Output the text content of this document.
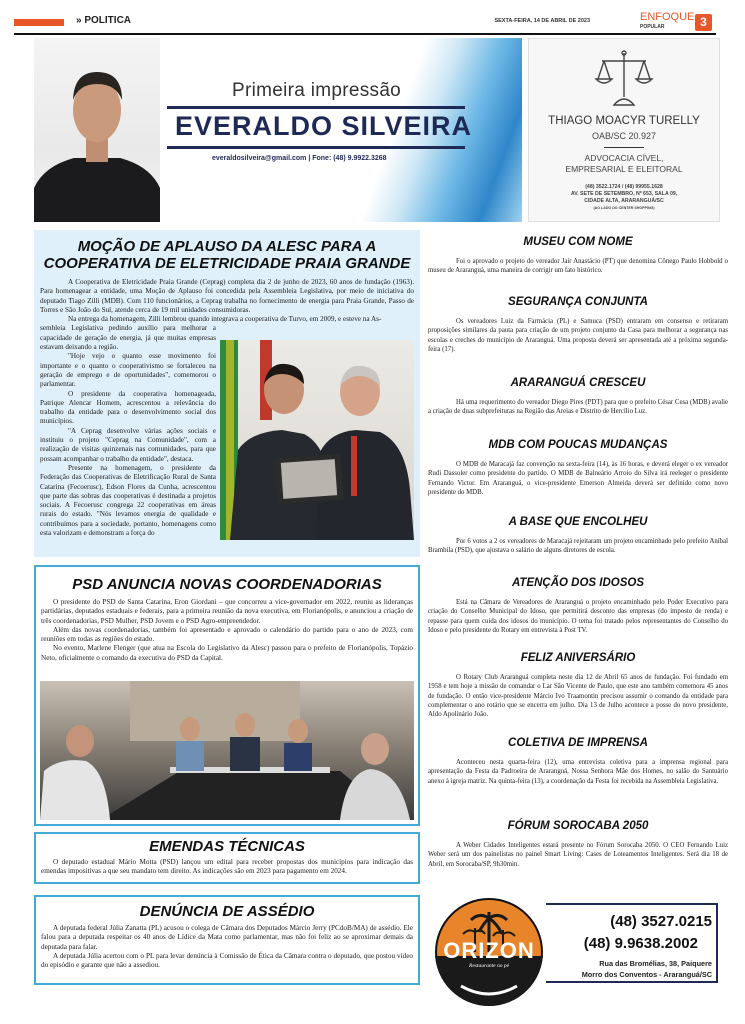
» POLITICA	SEXTA-FEIRA, 14 DE ABRIL DE 2023	ENFOQUE
POPULAR	3
Primeira impressão
EVERALDO SILVEIRA
everaldosilveira@gmail.com | Fone: (48) 9.9922.3268
THIAGO MOACYR TURELLY
OAB/SC 20.927
ADVOCACIA CÍVEL,
EMPRESARIAL E ELEITORAL
(48) 3522.1724 / (48) 99955.1628
AV. SETE DE SETEMBRO, Nº 653, SALA 09,
CIDADE ALTA, ARARANGUÁ/SC
(AO LADO DO CENTER SHOPPING)
MOÇÃO DE APLAUSO DA ALESC PARA A
COOPERATIVA DE ELETRICIDADE PRAIA GRANDE

A Cooperativa de Eletricidade Praia Grande (Ceprag) completa dia 2 de junho de 2023, 60 anos de fundação (1963). Para homenagear a entidade, uma Moção de Aplauso foi concedida pela Assembleia Legislativa, por meio de iniciativa do deputado Tiago Zilli (MDB). Com 110 funcionários, a Ceprag trabalha no fornecimento de energia para Praia Grande, Passo de Torres e São João do Sul, atende cerca de 19 mil unidades consumidoras.

Na entrega da homenagem, Zilli lembrou quando integrava a cooperativa de Turvo, em 2009, e esteve na As-

sembleia Legislativa pedindo auxílio para melhorar a capacidade de geração de energia, já que muitas empresas estavam deixando a região.

"Hoje vejo o quanto esse movimento foi importante e o quanto o cooperativismo se fortaleceu na geração de emprego e de oportunidades", comemorou o parlamentar.

O presidente da cooperativa homenageada, Patrique Alencar Homem, acrescentou a relevância do trabalho da entidade para o desenvolvimento social dos municípios.

"A Ceprag desenvolve várias ações sociais e instituiu o projeto "Ceprag na Comunidade", com a realização de visitas quinzenais nas comunidades, para que possam acompanhar o trabalho da entidade", destaca.

Presente na homenagem, o presidente da Federação das Cooperativas de Eletrificação Rural de Santa Catarina (Fecoerusc), Edson Flores da Cunha, acrescentou que parte das sobras das cooperativas é destinada a projetos sociais. A Fecoerusc congrega 22 cooperativas em áreas rurais do estado. "Nós levamos energia de qualidade e contribuímos para a sociedade, portanto, homenagens como esta valorizam e demonstram a força do

PSD ANUNCIA NOVAS COORDENADORIAS

O presidente do PSD de Santa Catarina, Eron Giordani – que concorreu a vice-governador em 2022, reuniu as lideranças partidárias, deputados estaduais e federais, para a primeira reunião da nova executiva, em Florianópolis, e anunciou a criação de três coordenadorias, PSD Mulher, PSD Jovem e o PSD Agro-empreendedor.

Além das novas coordenadorias, também foi apresentado e aprovado o calendário do partido para o ano de 2023, com reuniões em todas as regiões do estado.

No evento, Marlene Flenger (que atua na Escola do Legislativo da Alesc) passou para o prefeito de Florianópolis, Topázio Neto, oficialmente o comando da executiva do PSD da Capital.

EMENDAS TÉCNICAS

O deputado estadual Mário Motta (PSD) lançou um edital para receber propostas dos municípios para indicação das emendas impositivas a que seu mandato tem direito. As indicações são em 2023 para pagamento em 2024.

DENÚNCIA DE ASSÉDIO

A deputada federal Júlia Zanatta (PL) acusou o colega de Câmara dos Deputados Márcio Jerry (PCdoB/MA) de assédio. Ele falou para a deputada respeitar os 40 anos de Lídice da Mata como parlamentar, mas não foi feliz ao se aproximar demais da deputada para falar.

A deputada Júlia acertou com o PL para levar denúncia à Comissão de Ética da Câmara contra o deputado, que postou vídeo do episódio e garante que não a assediou.

MUSEU COM NOME

Foi o aprovado o projeto do vereador Jair Anastácio (PT) que denomina Cônego Paulo Hobbold o museu de Araranguá, uma maneira de corrigir um fato histórico.

SEGURANÇA CONJUNTA

Os vereadores Luiz da Farmácia (PL) e Samuca (PSD) entraram em consenso e retiraram proposições similares da pauta para criação de um projeto conjunto da Casa para melhorar a segurança nas escolas e creches do município de Araranguá. Uma proposta deverá ser apresentada até a próxima segunda-feira (17).

ARARANGUÁ CRESCEU

Há uma requerimento do vereador Diego Pires (PDT) para que o prefeito César Cesa (MDB) avalie a criação de duas subprefeituras na Região das Areias e Distrito de Hercílio Luz.

MDB COM POUCAS MUDANÇAS

O MDB de Maracajá faz convenção na sexta-feira (14), às 16 horas, e deverá eleger o ex vereador Rudi Dassoler como presidente do partido. O MDB de Balneário Arroio do Silva irá reeleger o presidente Fernando Victor. Em Araranguá, o vice-presidente Emerson Almeida deverá ser definido como novo presidente do MDB.

A BASE QUE ENCOLHEU

Por 6 votos a 2 os vereadores de Maracajá rejeitaram um projeto encaminhado pelo prefeito Aníbal Brambila (PSD), que ajustava o salário de alguns diretores de escola.

ATENÇÃO DOS IDOSOS

Está na Câmara de Vereadores de Araranguá o projeto encaminhado pelo Poder Executivo para criação do Conselho Municipal do Idoso, que permitirá desconto das empresas (do imposto de renda) e repasse para quem cuida dos idosos do município. O tema foi tratado pelos representantes do Conselho do Idoso e pelo presidente do Rotary em entrevista à Post TV.

FELIZ ANIVERSÁRIO

O Rotary Club Araranguá completa neste dia 12 de Abril 65 anos de fundação. Foi fundado em 1958 e tem hoje a missão de comandar o Lar São Vicente de Paulo, que este ano também comemora 45 anos de fundação. O então vice-presidente Márcio Ivo Traamontin precisou assumir o comando da entidade para complementar o ano rotário que se encerra em julho. Dia 13 de Julho acontece a posse do novo presidente, Aldo Apolinário João.

COLETIVA DE IMPRENSA

Aconteceu nesta quarta-feira (12), uma entrevista coletiva para a imprensa regional para apresentação da Festa da Padroeira de Araranguá, Nossa Senhora Mãe dos Homes, no salão do Santuário anexo à igreja matriz. Na quinta-feira (13), a coordenação da Festa foi recebida na Assembleia Legislativa.

FÓRUM SOROCABA 2050

A Weber Cidades Inteligentes estará presente no Fórum Sorocaba 2050. O CEO Fernando Luiz Weber será um dos painelistas no painel Smart Living: Cases de Loteamentos Inteligentes. Será dia 18 de Abril, em Sorocaba/SP, 9h30min.

ORIZON
Restaurante no pé
(48) 3527.0215
(48) 9.9638.2002
Rua das Bromélias, 38, Paiquere
Morro dos Conventos - Araranguá/SC
